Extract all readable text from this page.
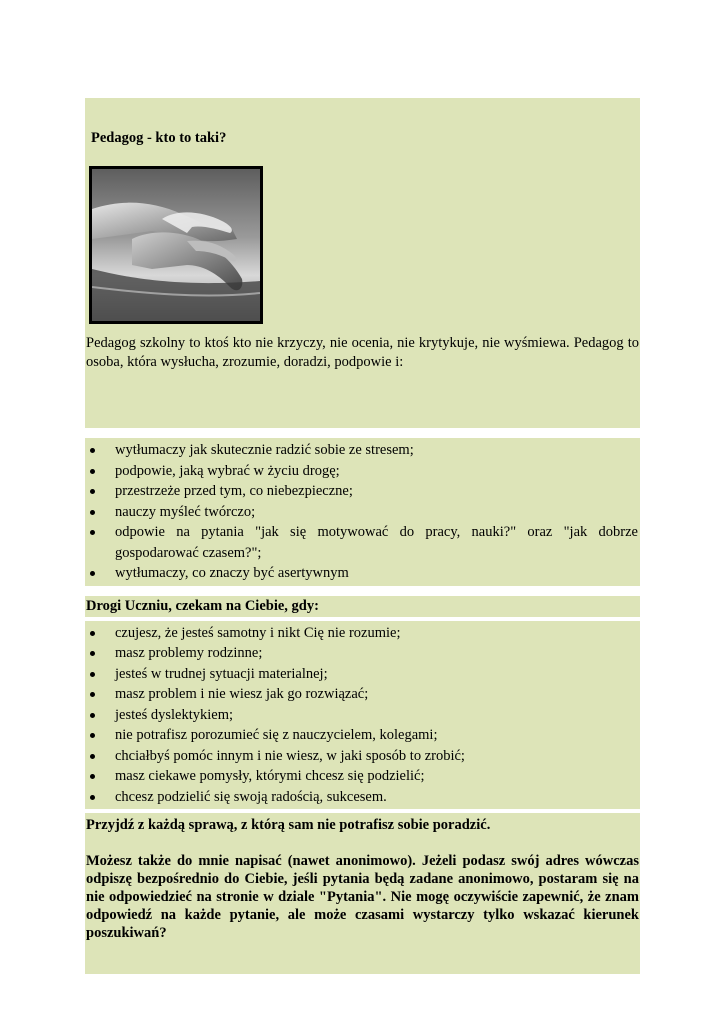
Pedagog - kto to taki?

Pedagog szkolny to ktoś kto nie krzyczy, nie ocenia, nie krytykuje, nie wyśmiewa. Pedagog to osoba, która wysłucha, zrozumie, doradzi, podpowie i:

wytłumaczy jak skutecznie radzić sobie ze stresem;
podpowie, jaką wybrać w życiu drogę;
przestrzeże przed tym, co niebezpieczne;
nauczy myśleć twórczo;
odpowie na pytania "jak się motywować do pracy, nauki?" oraz "jak dobrze gospodarować czasem?";
wytłumaczy, co znaczy być asertywnym

Drogi Uczniu, czekam na Ciebie, gdy:

czujesz, że jesteś samotny i nikt Cię nie rozumie;
masz problemy rodzinne;
jesteś w trudnej sytuacji materialnej;
masz problem i nie wiesz jak go rozwiązać;
jesteś dyslektykiem;
nie potrafisz porozumieć się z nauczycielem, kolegami;
chciałbyś pomóc innym i nie wiesz, w jaki sposób to zrobić;
masz ciekawe pomysły, którymi chcesz się podzielić;
chcesz podzielić się swoją radością, sukcesem.

Przyjdź z każdą sprawą, z którą sam nie potrafisz sobie poradzić.

Możesz także do mnie napisać (nawet anonimowo). Jeżeli podasz swój adres wówczas odpiszę bezpośrednio do Ciebie, jeśli pytania będą zadane anonimowo, postaram się na nie odpowiedzieć na stronie w dziale "Pytania". Nie mogę oczywiście zapewnić, że znam odpowiedź na każde pytanie, ale może czasami wystarczy tylko wskazać kierunek poszukiwań?
